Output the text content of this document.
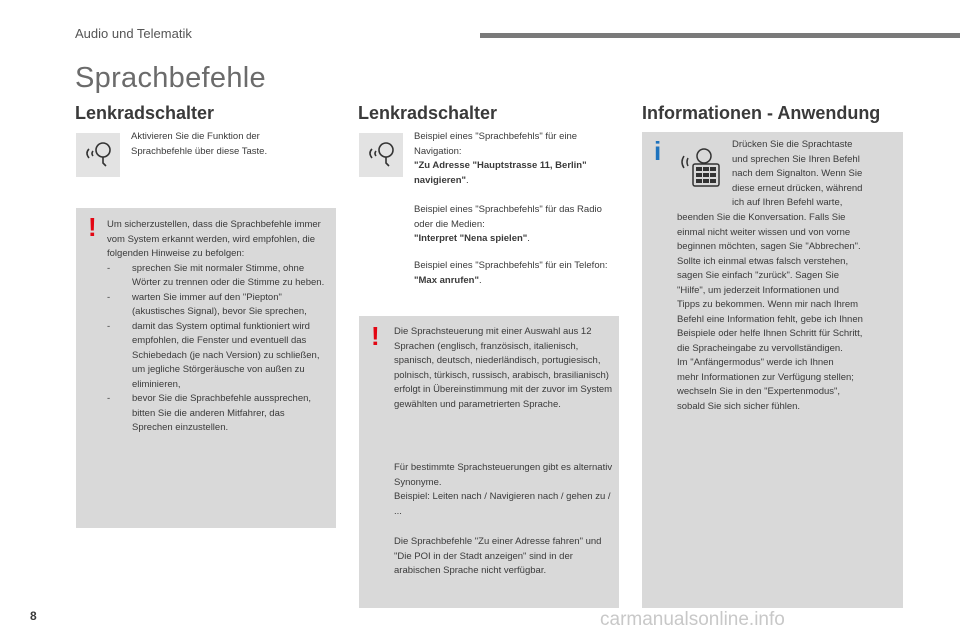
Audio und Telematik
Sprachbefehle
Lenkradschalter
Aktivieren Sie die Funktion der Sprachbefehle über diese Taste.
! Um sicherzustellen, dass die Sprachbefehle immer vom System erkannt werden, wird empfohlen, die folgenden Hinweise zu befolgen:
- sprechen Sie mit normaler Stimme, ohne Wörter zu trennen oder die Stimme zu heben.
- warten Sie immer auf den "Piepton" (akustisches Signal), bevor Sie sprechen,
- damit das System optimal funktioniert wird empfohlen, die Fenster und eventuell das Schiebedach (je nach Version) zu schließen, um jegliche Störgeräusche von außen zu eliminieren,
- bevor Sie die Sprachbefehle aussprechen, bitten Sie die anderen Mitfahrer, das Sprechen einzustellen.
Lenkradschalter
Beispiel eines "Sprachbefehls" für eine Navigation:
"Zu Adresse "Hauptstrasse 11, Berlin" navigieren".
Beispiel eines "Sprachbefehls" für das Radio oder die Medien:
"Interpret "Nena spielen".
Beispiel eines "Sprachbefehls" für ein Telefon:
"Max anrufen".
! Die Sprachsteuerung mit einer Auswahl aus 12 Sprachen (englisch, französisch, italienisch, spanisch, deutsch, niederländisch, portugiesisch, polnisch, türkisch, russisch, arabisch, brasilianisch) erfolgt in Übereinstimmung mit der zuvor im System gewählten und parametrierten Sprache.
Für bestimmte Sprachsteuerungen gibt es alternativ Synonyme.
Beispiel: Leiten nach / Navigieren nach / gehen zu / ...
Die Sprachbefehle "Zu einer Adresse fahren" und "Die POI in der Stadt anzeigen" sind in der arabischen Sprache nicht verfügbar.
Informationen - Anwendung
i	Drücken Sie die Sprachtaste
und sprechen Sie Ihren Befehl
nach dem Signalton. Wenn Sie
diese erneut drücken, während
ich auf Ihren Befehl warte,
beenden Sie die Konversation. Falls Sie
einmal nicht weiter wissen und von vorne
beginnen möchten, sagen Sie "Abbrechen".
Sollte ich einmal etwas falsch verstehen,
sagen Sie einfach "zurück". Sagen Sie
"Hilfe", um jederzeit Informationen und
Tipps zu bekommen. Wenn mir nach Ihrem
Befehl eine Information fehlt, gebe ich Ihnen
Beispiele oder helfe Ihnen Schritt für Schritt,
die Spracheingabe zu vervollständigen.
Im "Anfängermodus" werde ich Ihnen
mehr Informationen zur Verfügung stellen;
wechseln Sie in den "Expertenmodus",
sobald Sie sich sicher fühlen.
8	carmanualsonline.info
